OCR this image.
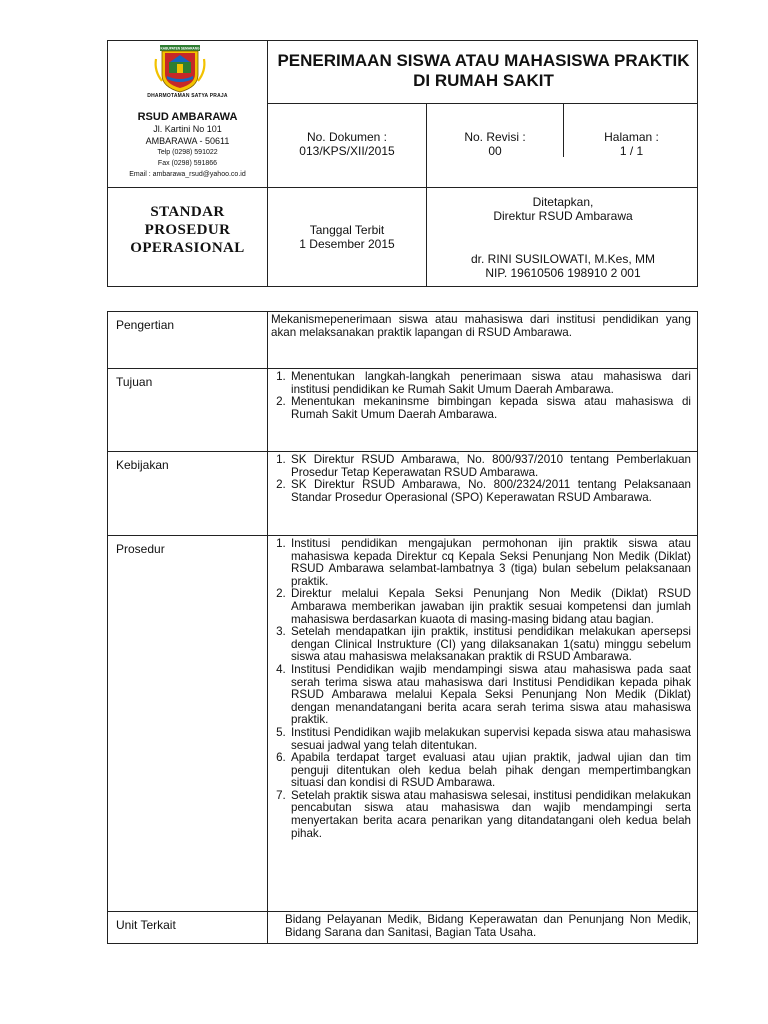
KABUPATEN SEMARANG
DHARMOTAMAN SATYA PRAJA
RSUD AMBARAWA
Jl. Kartini No 101
AMBARAWA - 50611
Telp (0298) 591022
Fax (0298) 591866
Email : ambarawa_rsud@yahoo.co.id
PENERIMAAN SISWA ATAU MAHASISWA PRAKTIK DI RUMAH SAKIT
No. Dokumen :
013/KPS/XII/2015
No. Revisi :
00
Halaman :
1 / 1
STANDAR PROSEDUR OPERASIONAL
Tanggal Terbit
1 Desember 2015
Ditetapkan,
Direktur RSUD Ambarawa
dr. RINI SUSILOWATI, M.Kes, MM
NIP. 19610506 198910 2 001
Pengertian	Mekanismepenerimaan siswa atau mahasiswa dari institusi pendidikan yang akan melaksanakan praktik lapangan di RSUD Ambarawa.
Tujuan	1. Menentukan langkah-langkah penerimaan siswa atau mahasiswa dari institusi pendidikan ke Rumah Sakit Umum Daerah Ambarawa.
2. Menentukan mekaninsme bimbingan kepada siswa atau mahasiswa di Rumah Sakit Umum Daerah Ambarawa.
Kebijakan	1. SK Direktur RSUD Ambarawa, No. 800/937/2010 tentang Pemberlakuan Prosedur Tetap Keperawatan RSUD Ambarawa.
2. SK Direktur RSUD Ambarawa, No. 800/2324/2011 tentang Pelaksanaan Standar Prosedur Operasional (SPO) Keperawatan RSUD Ambarawa.
Prosedur	1. Institusi pendidikan mengajukan permohonan ijin praktik siswa atau mahasiswa kepada Direktur cq Kepala Seksi Penunjang Non Medik (Diklat) RSUD Ambarawa selambat-lambatnya 3 (tiga) bulan sebelum pelaksanaan praktik.
2. Direktur melalui Kepala Seksi Penunjang Non Medik (Diklat) RSUD Ambarawa memberikan jawaban ijin praktik sesuai kompetensi dan jumlah mahasiswa berdasarkan kuaota di masing-masing bidang atau bagian.
3. Setelah mendapatkan ijin praktik, institusi pendidikan melakukan apersepsi dengan Clinical Instrukture (CI) yang dilaksanakan 1(satu) minggu sebelum siswa atau mahasiswa melaksanakan praktik di RSUD Ambarawa.
4. Institusi Pendidikan wajib mendampingi siswa atau mahasiswa pada saat serah terima siswa atau mahasiswa dari Institusi Pendidikan kepada pihak RSUD Ambarawa melalui Kepala Seksi Penunjang Non Medik (Diklat) dengan menandatangani berita acara serah terima siswa atau mahasiswa praktik.
5. Institusi Pendidikan wajib melakukan supervisi kepada siswa atau mahasiswa sesuai jadwal yang telah ditentukan.
6. Apabila terdapat target evaluasi atau ujian praktik, jadwal ujian dan tim penguji ditentukan oleh kedua belah pihak dengan mempertimbangkan situasi dan kondisi di RSUD Ambarawa.
7. Setelah praktik siswa atau mahasiswa selesai, institusi pendidikan melakukan pencabutan siswa atau mahasiswa dan wajib mendampingi serta menyertakan berita acara penarikan yang ditandatangani oleh kedua belah pihak.
Unit Terkait	Bidang Pelayanan Medik, Bidang Keperawatan dan Penunjang Non Medik, Bidang Sarana dan Sanitasi, Bagian Tata Usaha.
